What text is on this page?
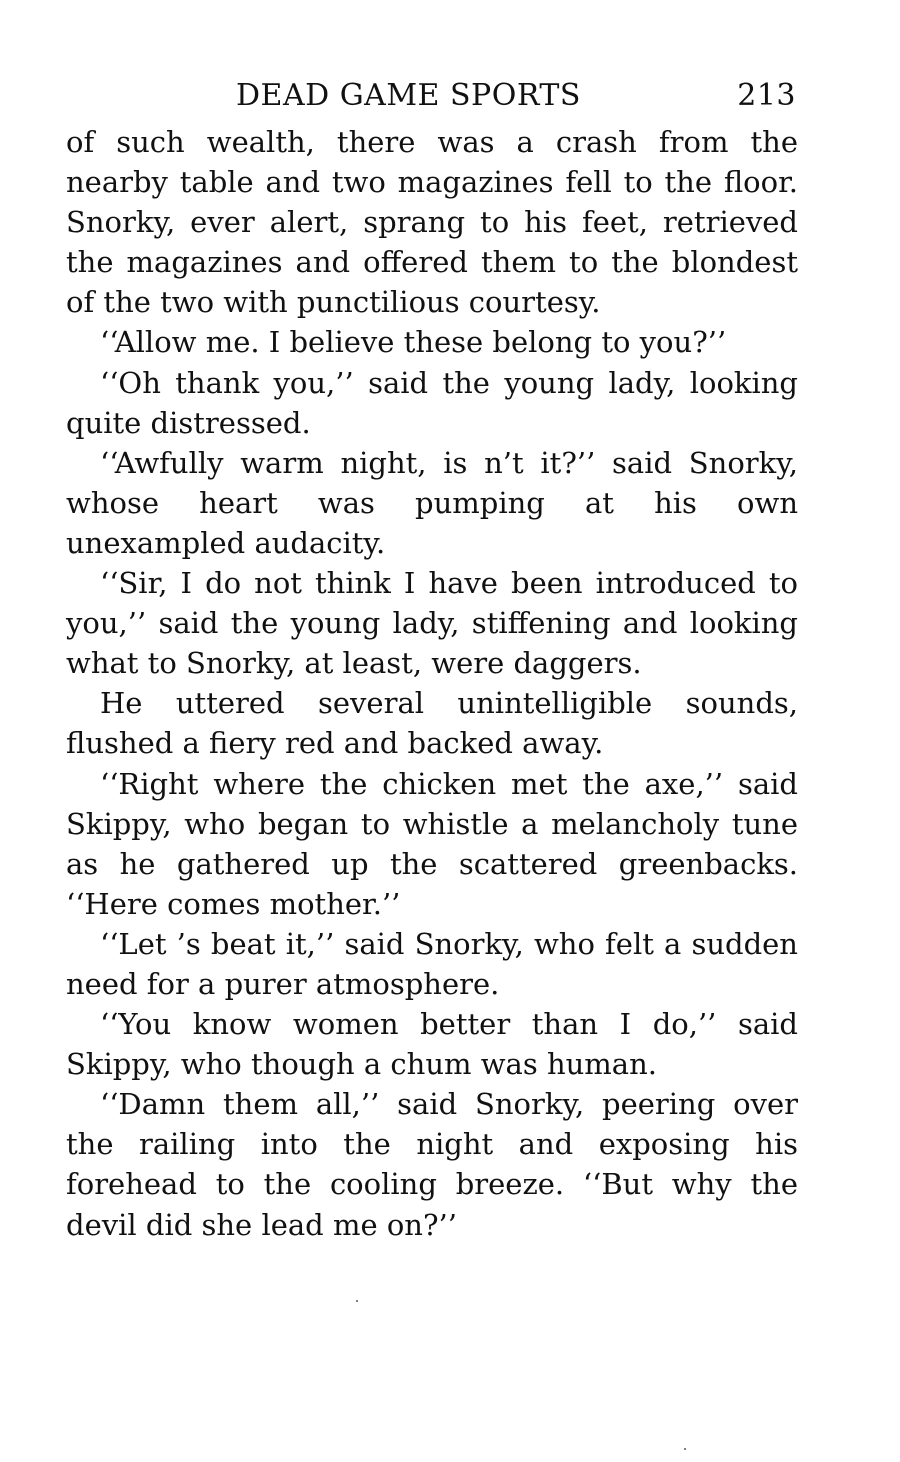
DEAD GAME SPORTS	213

of such wealth, there was a crash from the nearby table and two magazines fell to the floor. Snorky, ever alert, sprang to his feet, retrieved the magazines and offered them to the blondest of the two with punctilious courtesy.

‘‘Allow me. I believe these belong to you?’’

‘‘Oh thank you,’’ said the young lady, looking quite distressed.

‘‘Awfully warm night, is n’t it?’’ said Snorky, whose heart was pumping at his own unexampled audacity.

‘‘Sir, I do not think I have been introduced to you,’’ said the young lady, stiffening and looking what to Snorky, at least, were daggers.

He uttered several unintelligible sounds, flushed a fiery red and backed away.

‘‘Right where the chicken met the axe,’’ said Skippy, who began to whistle a melancholy tune as he gathered up the scattered greenbacks. ‘‘Here comes mother.’’

‘‘Let ’s beat it,’’ said Snorky, who felt a sudden need for a purer atmosphere.

‘‘You know women better than I do,’’ said Skippy, who though a chum was human.

‘‘Damn them all,’’ said Snorky, peering over the railing into the night and exposing his forehead to the cooling breeze. ‘‘But why the devil did she lead me on?’’
